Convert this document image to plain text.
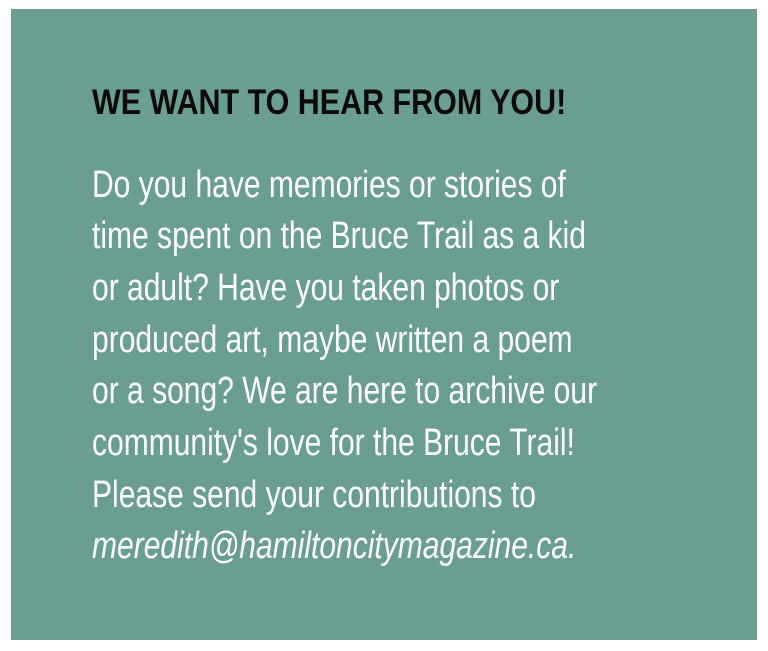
WE WANT TO HEAR FROM YOU!
Do you have memories or stories of
time spent on the Bruce Trail as a kid
or adult? Have you taken photos or
produced art, maybe written a poem
or a song? We are here to archive our
community's love for the Bruce Trail!
Please send your contributions to
meredith@hamiltoncitymagazine.ca.
